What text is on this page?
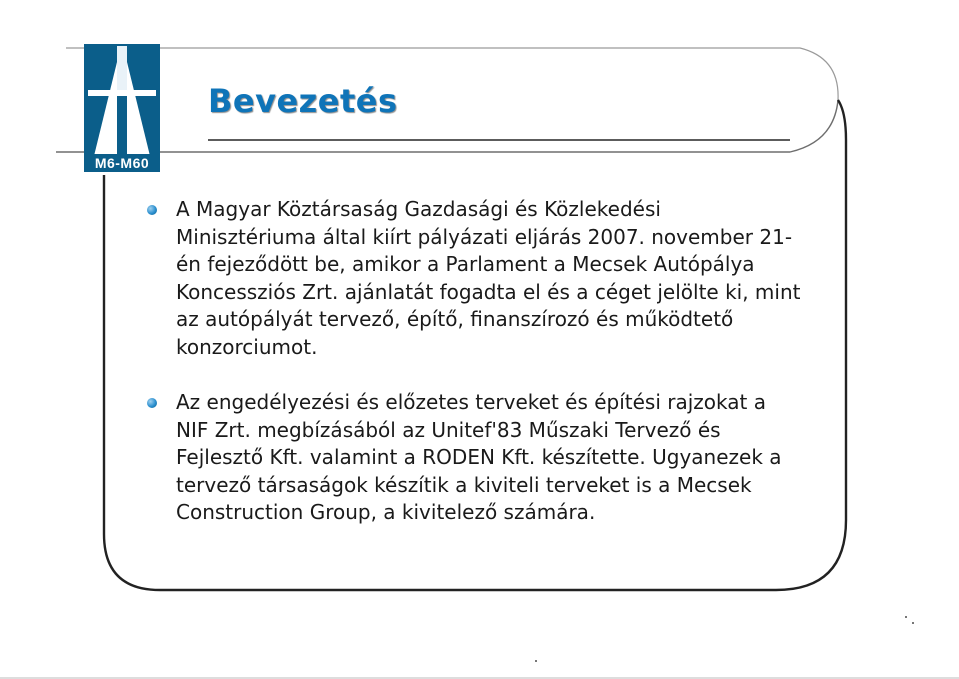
M6-M60
Bevezetés
A Magyar Köztársaság Gazdasági és Közlekedési Minisztériuma által kiírt pályázati eljárás 2007. november 21-én fejeződött be, amikor a Parlament a Mecsek Autópálya Koncessziós Zrt. ajánlatát fogadta el és a céget jelölte ki, mint az autópályát tervező, építő, finanszírozó és működtető konzorciumot.
Az engedélyezési és előzetes terveket és építési rajzokat a NIF Zrt. megbízásából az Unitef'83 Műszaki Tervező és Fejlesztő Kft. valamint a RODEN Kft. készítette. Ugyanezek a tervező társaságok készítik a kiviteli terveket is a Mecsek Construction Group, a kivitelező számára.
